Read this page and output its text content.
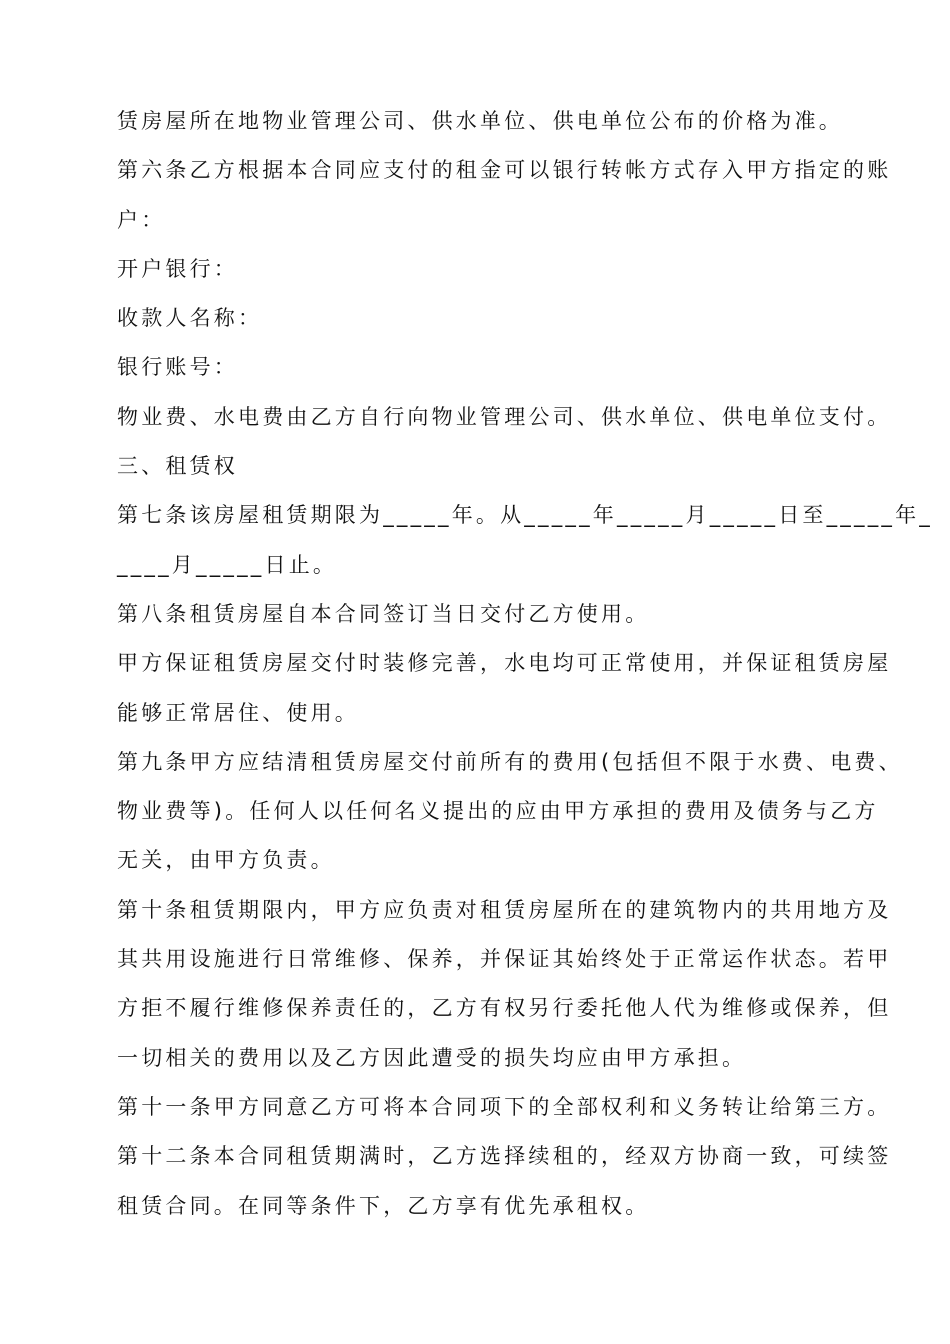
赁房屋所在地物业管理公司、供水单位、供电单位公布的价格为准。
第六条乙方根据本合同应支付的租金可以银行转帐方式存入甲方指定的账
户：
开户银行：
收款人名称：
银行账号：
物业费、水电费由乙方自行向物业管理公司、供水单位、供电单位支付。
三、租赁权
第七条该房屋租赁期限为_____年。从_____年_____月_____日至_____年_
____月_____日止。
第八条租赁房屋自本合同签订当日交付乙方使用。
甲方保证租赁房屋交付时装修完善，水电均可正常使用，并保证租赁房屋
能够正常居住、使用。
第九条甲方应结清租赁房屋交付前所有的费用(包括但不限于水费、电费、
物业费等)。任何人以任何名义提出的应由甲方承担的费用及债务与乙方
无关，由甲方负责。
第十条租赁期限内，甲方应负责对租赁房屋所在的建筑物内的共用地方及
其共用设施进行日常维修、保养，并保证其始终处于正常运作状态。若甲
方拒不履行维修保养责任的，乙方有权另行委托他人代为维修或保养，但
一切相关的费用以及乙方因此遭受的损失均应由甲方承担。
第十一条甲方同意乙方可将本合同项下的全部权利和义务转让给第三方。
第十二条本合同租赁期满时，乙方选择续租的，经双方协商一致，可续签
租赁合同。在同等条件下，乙方享有优先承租权。
